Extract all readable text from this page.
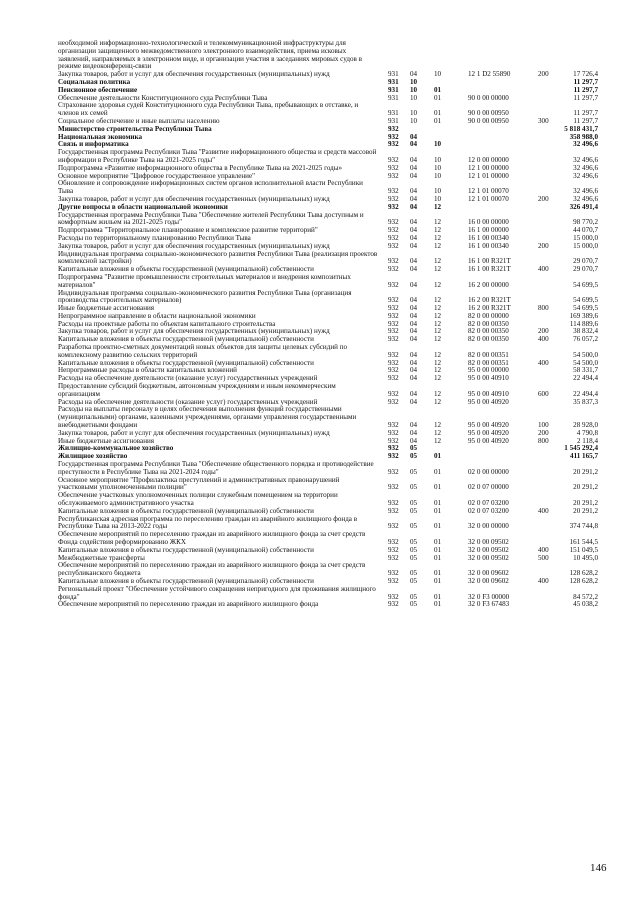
необходимой информационно-технологической и телекоммуникационной инфраструктуры для организации защищенного межведомственного электронного взаимодействия, приема исковых заявлений, направляемых в электронном виде, и организации участия в заседаниях мировых судов в режиме видеоконференц-связи
Закупка товаров, работ и услуг для обеспечения государственных (муниципальных) нужд	931 04 10	12 1 D2 55890	200	17 726,4
Социальная политика	931 10	11 297,7
Пенсионное обеспечение	931 10 01	11 297,7
Обеспечение деятельности Конституционного суда Республики Тыва	931 10 01	90 0 00 00000	11 297,7
Страхование здоровья судей Конституционного суда Республики Тыва, пребывающих в отставке, и членов их семей	931 10 01	90 0 00 00950	11 297,7
Социальное обеспечение и иные выплаты населению	931 10 01	90 0 00 00950	300	11 297,7
Министерство строительства Республики Тыва	932	5 818 431,7
Национальная экономика	932 04	358 988,0
Связь и информатика	932 04 10	32 496,6
Государственная программа Республики Тыва "Развитие информационного общества и средств массовой информации в Республике Тыва на 2021-2025 годы"	932 04 10	12 0 00 00000	32 496,6
Подпрограмма «Развитие информационного общества в Республике Тыва на 2021-2025 годы»	932 04 10	12 1 00 00000	32 496,6
Основное мероприятие "Цифровое государственное управление"	932 04 10	12 1 01 00000	32 496,6
Обновление и сопровождение информационных систем органов исполнительной власти Республики Тыва	932 04 10	12 1 01 00070	32 496,6
Закупка товаров, работ и услуг для обеспечения государственных (муниципальных) нужд	932 04 10	12 1 01 00070	200	32 496,6
Другие вопросы в области национальной экономики	932 04 12	326 491,4
Государственная программа Республики Тыва "Обеспечение жителей Республики Тыва доступным и комфортным жильем на 2021-2025 годы"	932 04 12	16 0 00 00000	98 770,2
Подпрограмма "Территориальное планирование и комплексное развитие территорий"	932 04 12	16 1 00 00000	44 070,7
Расходы по территориальному планированию Республики Тыва	932 04 12	16 1 00 00340	15 000,0
Закупка товаров, работ и услуг для обеспечения государственных (муниципальных) нужд	932 04 12	16 1 00 00340	200	15 000,0
Индивидуальная программа социально-экономического развития Республики Тыва (реализация проектов комплексной застройки)	932 04 12	16 1 00 R321T	29 070,7
Капитальные вложения в объекты государственной (муниципальной) собственности	932 04 12	16 1 00 R321T	400	29 070,7
Подпрограмма "Развитие промышленности строительных материалов и внедрения композитных материалов"	932 04 12	16 2 00 00000	54 699,5
Индивидуальная программа социально-экономического развития Республики Тыва (организация производства строительных материалов)	932 04 12	16 2 00 R321T	54 699,5
Иные бюджетные ассигнования	932 04 12	16 2 00 R321T	800	54 699,5
Непрограммное направление в области национальной экономики	932 04 12	82 0 00 00000	169 389,6
Расходы на проектные работы по объектам капитального строительства	932 04 12	82 0 00 00350	114 889,6
Закупка товаров, работ и услуг для обеспечения государственных (муниципальных) нужд	932 04 12	82 0 00 00350	200	38 832,4
Капитальные вложения в объекты государственной (муниципальной) собственности	932 04 12	82 0 00 00350	400	76 057,2
Разработка проектно-сметных документаций новых объектов для защиты целевых субсидий по комплексному развитию сельских территорий	932 04 12	82 0 00 00351	54 500,0
Капитальные вложения в объекты государственной (муниципальной) собственности	932 04 12	82 0 00 00351	400	54 500,0
Непрограммные расходы в области капитальных вложений	932 04 12	95 0 00 00000	58 331,7
Расходы на обеспечение деятельности (оказание услуг) государственных учреждений	932 04 12	95 0 00 40910	22 494,4
Предоставление субсидий бюджетным, автономным учреждениям и иным некоммерческим организациям	932 04 12	95 0 00 40910	600	22 494,4
Расходы на обеспечение деятельности (оказание услуг) государственных учреждений	932 04 12	95 0 00 40920	35 837,3
Расходы на выплаты персоналу в целях обеспечения выполнения функций государственными (муниципальными) органами, казенными учреждениями, органами управления государственными внебюджетными фондами	932 04 12	95 0 00 40920	100	28 928,0
Закупка товаров, работ и услуг для обеспечения государственных (муниципальных) нужд	932 04 12	95 0 00 40920	200	4 790,8
Иные бюджетные ассигнования	932 04 12	95 0 00 40920	800	2 118,4
Жилищно-коммунальное хозяйство	932 05	1 545 292,4
Жилищное хозяйство	932 05 01	411 165,7
Государственная программа Республики Тыва "Обеспечение общественного порядка и противодействие преступности в Республике Тыва на 2021-2024 годы"	932 05 01	02 0 00 00000	20 291,2
Основное мероприятие "Профилактика преступлений и административных правонарушений участковыми уполномоченными полиции"	932 05 01	02 0 07 00000	20 291,2
Обеспечение участковых уполномоченных полиции служебным помещением на территории обслуживаемого административного участка	932 05 01	02 0 07 03200	20 291,2
Капитальные вложения в объекты государственной (муниципальной) собственности	932 05 01	02 0 07 03200	400	20 291,2
Республиканская адресная программа по переселению граждан из аварийного жилищного фонда в Республике Тыва на 2013-2022 годы	932 05 01	32 0 00 00000	374 744,8
Обеспечение мероприятий по переселению граждан из аварийного жилищного фонда за счет средств Фонда содействия реформированию ЖКХ	932 05 01	32 0 00 09502	161 544,5
Капитальные вложения в объекты государственной (муниципальной) собственности	932 05 01	32 0 00 09502	400	151 049,5
Межбюджетные трансферты	932 05 01	32 0 00 09502	500	10 495,0
Обеспечение мероприятий по переселению граждан из аварийного жилищного фонда за счет средств республиканского бюджета	932 05 01	32 0 00 09602	128 628,2
Капитальные вложения в объекты государственной (муниципальной) собственности	932 05 01	32 0 00 09602	400	128 628,2
Региональный проект "Обеспечение устойчивого сокращения непригодного для проживания жилищного фонда"	932 05 01	32 0 F3 00000	84 572,2
Обеспечение мероприятий по переселению граждан из аварийного жилищного фонда	932 05 01	32 0 F3 67483	45 038,2
146
